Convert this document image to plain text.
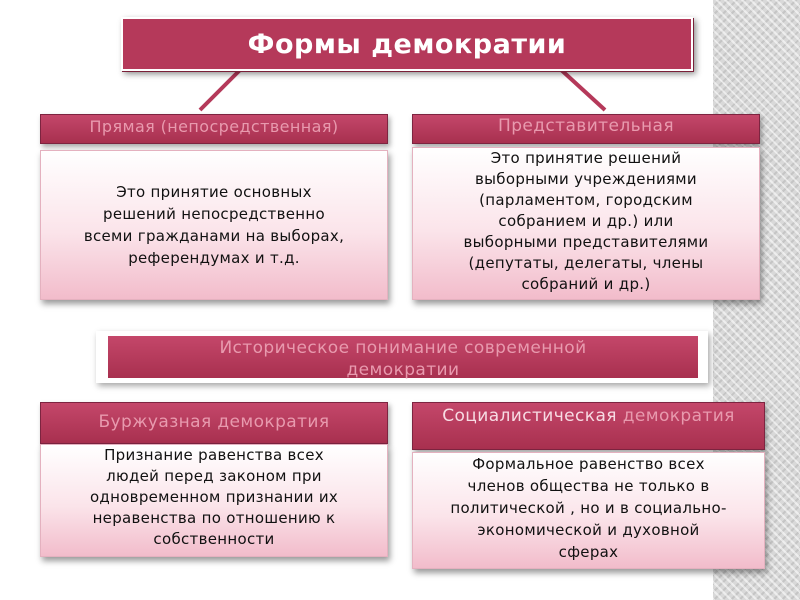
Формы демократии
Прямая (непосредственная)
Это принятие основных
решений непосредственно
всеми гражданами на выборах,
референдумах и т.д.
Представительная
Это принятие решений
выборными учреждениями
(парламентом, городским
собранием и др.) или
выборными представителями
(депутаты, делегаты, члены
собраний и др.)
Историческое понимание современной
демократии
Буржуазная демократия
Признание равенства всех
людей перед законом при
одновременном признании их
неравенства по отношению к
собственности
Социалистическая демократия
Формальное равенство всех
членов общества не только в
политической , но и в социально-
экономической и духовной
сферах
